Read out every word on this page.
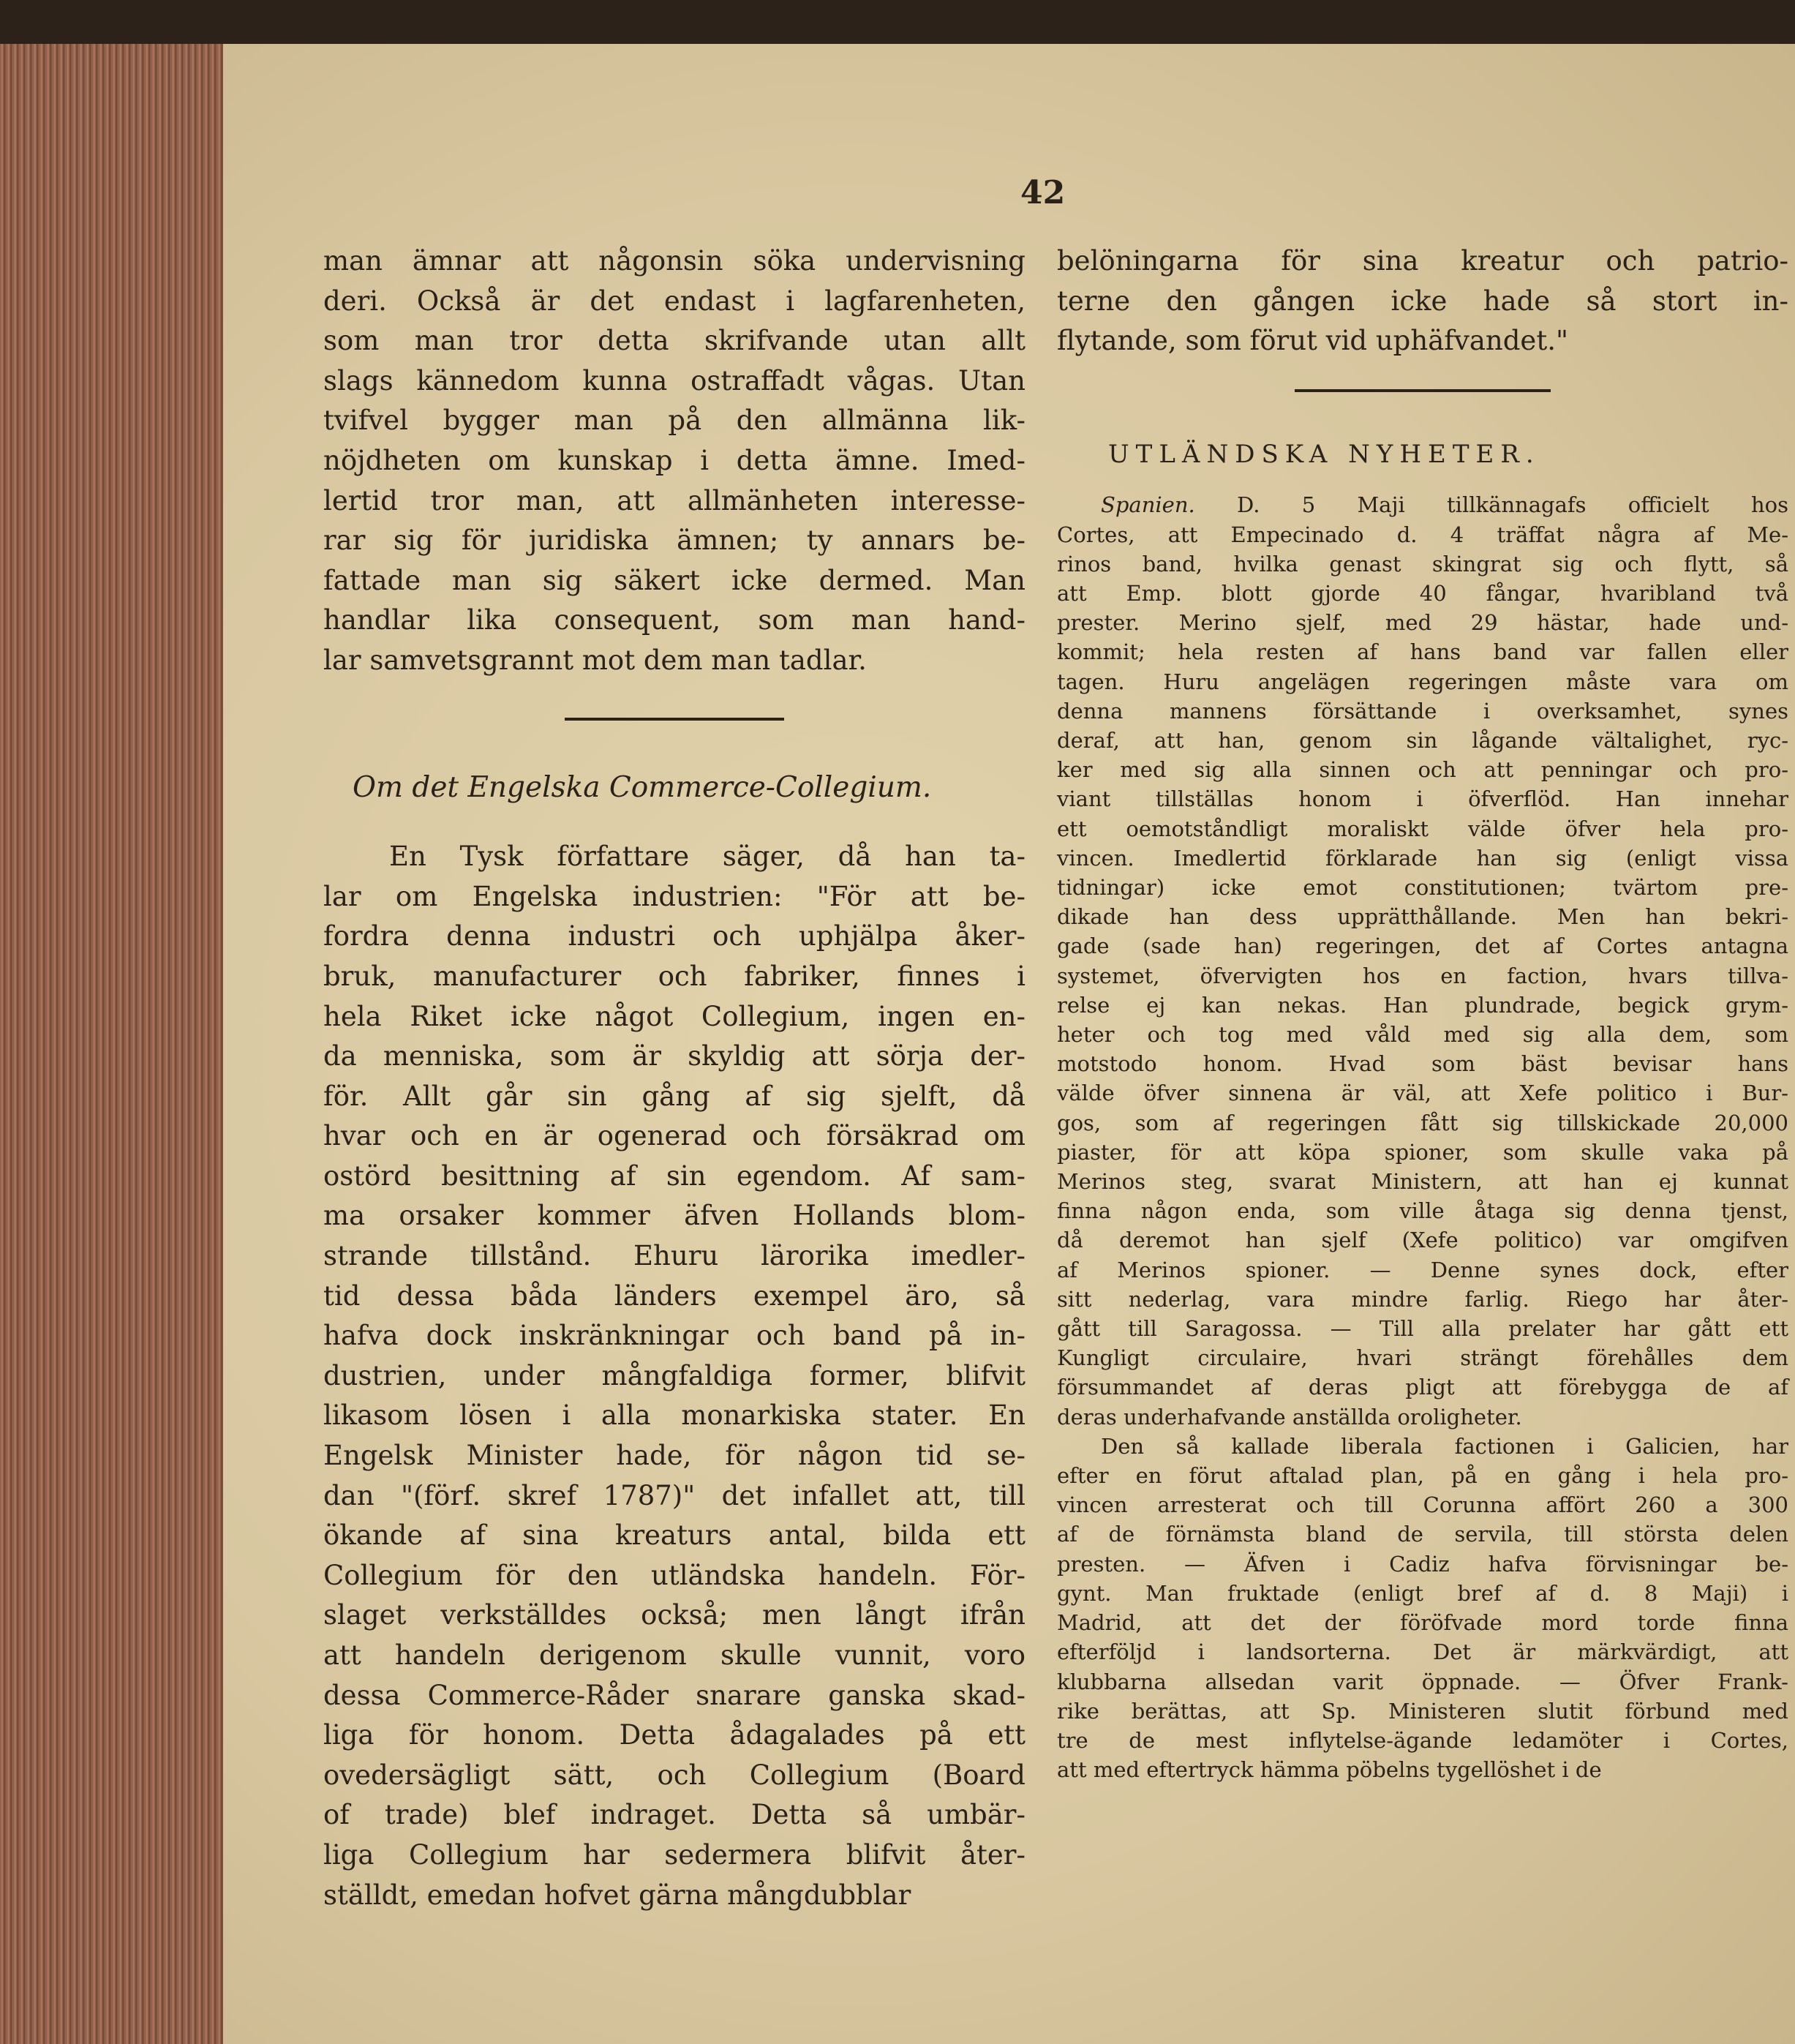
42

man ämnar att någonsin söka undervisning
deri. Också är det endast i lagfarenheten,
som man tror detta skrifvande utan allt
slags kännedom kunna ostraffadt vågas. Utan
tvifvel bygger man på den allmänna lik-
nöjdheten om kunskap i detta ämne. Imed-
lertid tror man, att allmänheten interesse-
rar sig för juridiska ämnen; ty annars be-
fattade man sig säkert icke dermed. Man
handlar lika consequent, som man hand-
lar samvetsgrannt mot dem man tadlar.
Om det Engelska Commerce-Collegium.
En Tysk författare säger, då han ta-
lar om Engelska industrien: "För att be-
fordra denna industri och uphjälpa åker-
bruk, manufacturer och fabriker, finnes i
hela Riket icke något Collegium, ingen en-
da menniska, som är skyldig att sörja der-
för. Allt går sin gång af sig sjelft, då
hvar och en är ogenerad och försäkrad om
ostörd besittning af sin egendom. Af sam-
ma orsaker kommer äfven Hollands blom-
strande tillstånd. Ehuru lärorika imedler-
tid dessa båda länders exempel äro, så
hafva dock inskränkningar och band på in-
dustrien, under mångfaldiga former, blifvit
likasom lösen i alla monarkiska stater. En
Engelsk Minister hade, för någon tid se-
dan "(förf. skref 1787)" det infallet att, till
ökande af sina kreaturs antal, bilda ett
Collegium för den utländska handeln. För-
slaget verkställdes också; men långt ifrån
att handeln derigenom skulle vunnit, voro
dessa Commerce-Råder snarare ganska skad-
liga för honom. Detta ådagalades på ett
ovedersägligt sätt, och Collegium (Board
of trade) blef indraget. Detta så umbär-
liga Collegium har sedermera blifvit åter-
ställdt, emedan hofvet gärna mångdubblar
belöningarna för sina kreatur och patrio-
terne den gången icke hade så stort in-
flytande, som förut vid uphäfvandet."
UTLÄNDSKA NYHETER.
Spanien. D. 5 Maji tillkännagafs officielt hos
Cortes, att Empecinado d. 4 träffat några af Me-
rinos band, hvilka genast skingrat sig och flytt, så
att Emp. blott gjorde 40 fångar, hvaribland två
prester. Merino sjelf, med 29 hästar, hade und-
kommit; hela resten af hans band var fallen eller
tagen. Huru angelägen regeringen måste vara om
denna mannens försättande i overksamhet, synes
deraf, att han, genom sin lågande vältalighet, ryc-
ker med sig alla sinnen och att penningar och pro-
viant tillställas honom i öfverflöd. Han innehar
ett oemotståndligt moraliskt välde öfver hela pro-
vincen. Imedlertid förklarade han sig (enligt vissa
tidningar) icke emot constitutionen; tvärtom pre-
dikade han dess upprätthållande. Men han bekri-
gade (sade han) regeringen, det af Cortes antagna
systemet, öfvervigten hos en faction, hvars tillva-
relse ej kan nekas. Han plundrade, begick grym-
heter och tog med våld med sig alla dem, som
motstodo honom. Hvad som bäst bevisar hans
välde öfver sinnena är väl, att Xefe politico i Bur-
gos, som af regeringen fått sig tillskickade 20,000
piaster, för att köpa spioner, som skulle vaka på
Merinos steg, svarat Ministern, att han ej kunnat
finna någon enda, som ville åtaga sig denna tjenst,
då deremot han sjelf (Xefe politico) var omgifven
af Merinos spioner. — Denne synes dock, efter
sitt nederlag, vara mindre farlig. Riego har åter-
gått till Saragossa. — Till alla prelater har gått ett
Kungligt circulaire, hvari strängt förehålles dem
försummandet af deras pligt att förebygga de af
deras underhafvande anställda oroligheter.
Den så kallade liberala factionen i Galicien, har
efter en förut aftalad plan, på en gång i hela pro-
vincen arresterat och till Corunna affört 260 a 300
af de förnämsta bland de servila, till största delen
presten. — Äfven i Cadiz hafva förvisningar be-
gynt. Man fruktade (enligt bref af d. 8 Maji) i
Madrid, att det der föröfvade mord torde finna
efterföljd i landsorterna. Det är märkvärdigt, att
klubbarna allsedan varit öppnade. — Öfver Frank-
rike berättas, att Sp. Ministeren slutit förbund med
tre de mest inflytelse-ägande ledamöter i Cortes,
att med eftertryck hämma pöbelns tygellöshet i de
